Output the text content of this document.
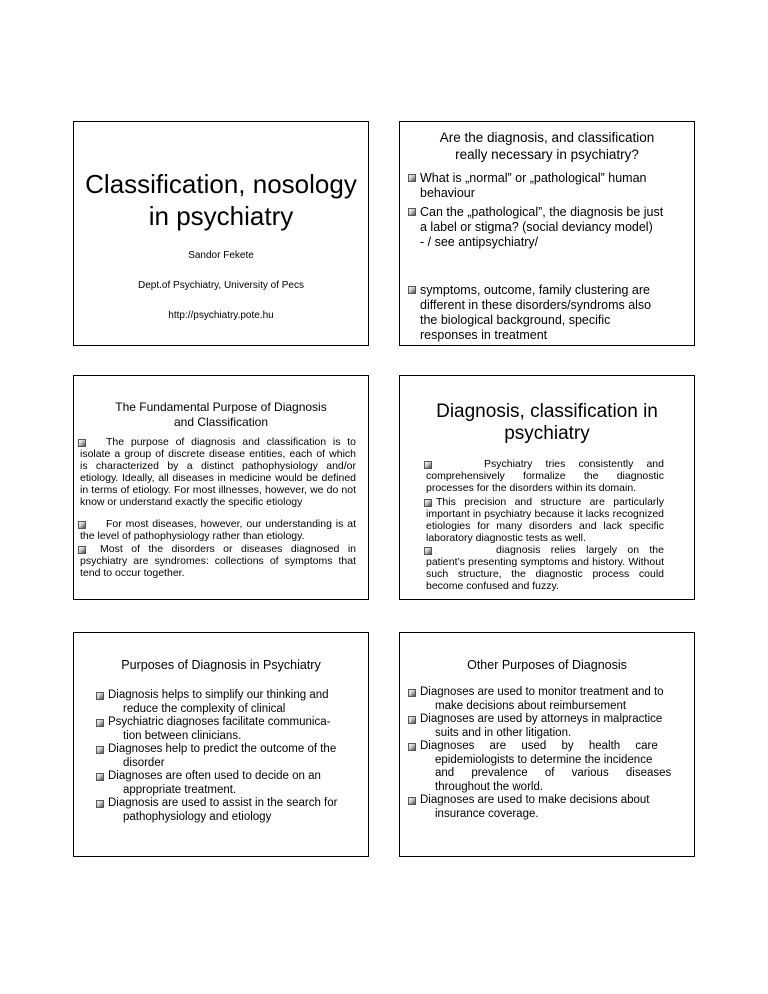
Classification, nosology in psychiatry
Sandor Fekete
Dept.of Psychiatry, University of Pecs
http://psychiatry.pote.hu
Are the diagnosis, and classification
really necessary in psychiatry?
What is „normal” or „pathological” human
behaviour
Can the „pathological”, the diagnosis be just
a label or stigma? (social deviancy model)
- / see antipsychiatry/
symptoms, outcome, family clustering are
different in these disorders/syndroms also
the biological background, specific
responses in treatment
The Fundamental Purpose of Diagnosis
and Classification
The purpose of diagnosis and classification is to isolate a group of discrete disease entities, each of which is characterized by a distinct pathophysiology and/or etiology. Ideally, all diseases in medicine would be defined in terms of etiology. For most illnesses, however, we do not know or understand exactly the specific etiology
For most diseases, however, our understanding is at the level of pathophysiology rather than etiology.
Most of the disorders or diseases diagnosed in psychiatry are syndromes: collections of symptoms that tend to occur together.
Diagnosis, classification in
psychiatry
Psychiatry tries consistently and comprehensively formalize the diagnostic processes for the disorders within its domain.
This precision and structure are particularly important in psychiatry because it lacks recognized etiologies for many disorders and lack specific laboratory diagnostic tests as well.
diagnosis relies largely on the patient’s presenting symptoms and history. Without such structure, the diagnostic process could become confused and fuzzy.
Purposes of Diagnosis in Psychiatry
Diagnosis helps to simplify our thinking and
reduce the complexity of clinical
Psychiatric diagnoses facilitate communica-
tion between clinicians.
Diagnoses help to predict the outcome of the
disorder
Diagnoses are often used to decide on an
appropriate treatment.
Diagnosis are used to assist in the search for
pathophysiology and etiology
Other Purposes of Diagnosis
Diagnoses are used to monitor treatment and to
make decisions about reimbursement
Diagnoses are used by attorneys in malpractice
suits and in other litigation.
Diagnoses are used by health care
epidemiologists to determine the incidence
and prevalence of various diseases
throughout the world.
Diagnoses are used to make decisions about
insurance coverage.
